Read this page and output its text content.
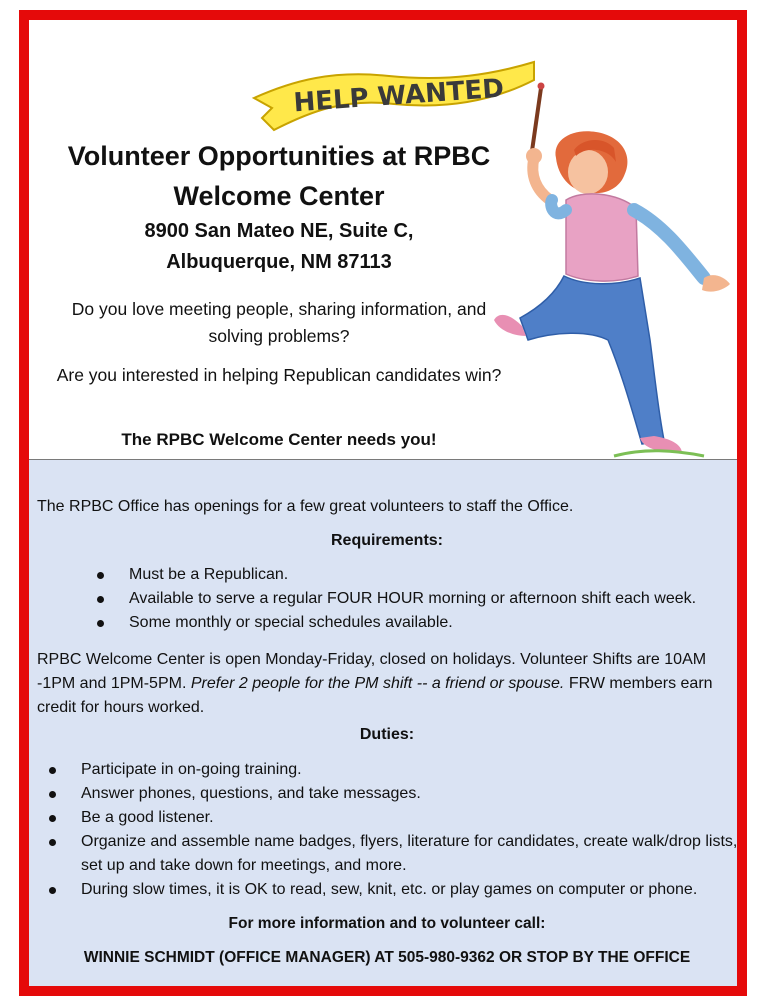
HELP WANTED
Volunteer Opportunities at RPBC
Welcome Center

8900 San Mateo NE, Suite C,

Albuquerque, NM 87113

Do you love meeting people, sharing information, and solving problems?

Are you interested in helping Republican candidates win?

The RPBC Welcome Center needs you!

The RPBC Office has openings for a few great volunteers to staff the Office.

Requirements:

Must be a Republican.
Available to serve a regular FOUR HOUR morning or afternoon shift each week.
Some monthly or special schedules available.

RPBC Welcome Center is open Monday-Friday, closed on holidays. Volunteer Shifts are 10AM -1PM and 1PM-5PM. Prefer 2 people for the PM shift -- a friend or spouse. FRW members earn credit for hours worked.

Duties:

Participate in on-going training.
Answer phones, questions, and take messages.
Be a good listener.
Organize and assemble name badges, flyers, literature for candidates, create walk/drop lists, set up and take down for meetings, and more.
During slow times, it is OK to read, sew, knit, etc. or play games on computer or phone.

For more information and to volunteer call:

WINNIE SCHMIDT (OFFICE MANAGER) AT 505-980-9362 OR STOP BY THE OFFICE
